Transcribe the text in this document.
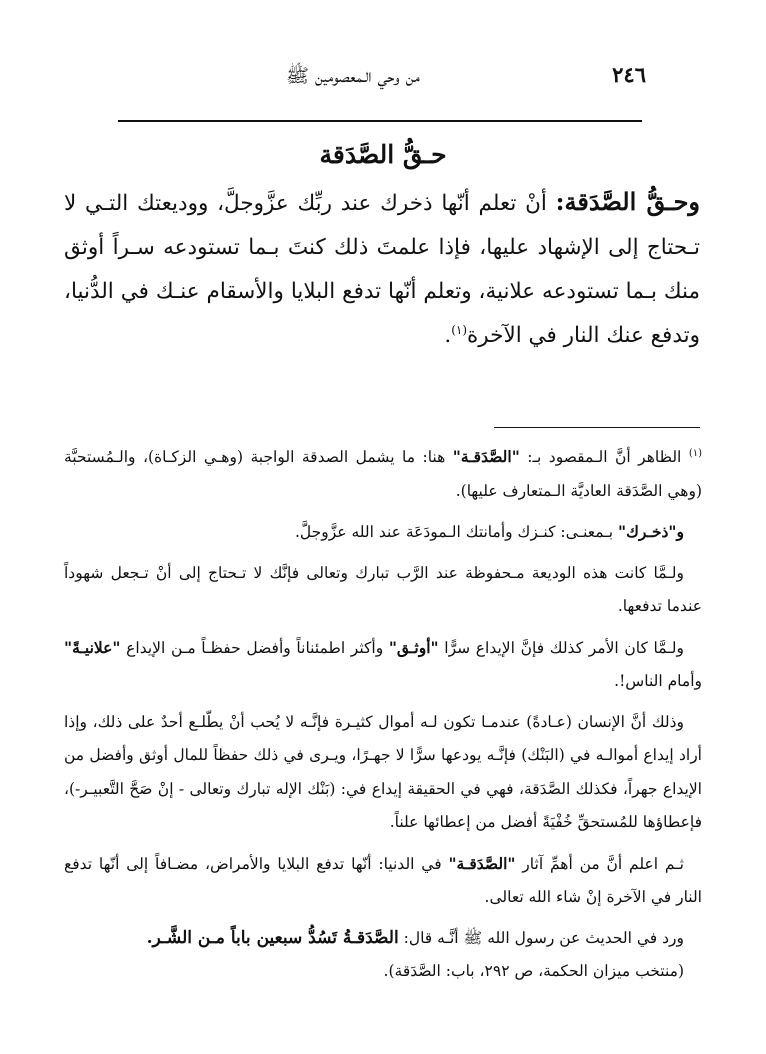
٢٤٦
من وحي الـمعصومين ﷺ
حـقُّ الصَّدَقة
وحـقُّ الصَّدَقة: أنْ تعلم أنّها ذخرك عند ربِّك عزَّوجلَّ، ووديعتك التـي لا تـحتاج إلى الإشهاد عليها، فإذا علمتَ ذلك كنتَ بـما تستودعه سـراً أوثق منك بـما تستودعه علانية، وتعلم أنّها تدفع البلايا والأسقام عنـك في الدُّنيا، وتدفع عنك النار في الآخرة$^{(١)}$.

$^{(١)}$ الظاهر أنَّ الـمقصود بـ: "الصَّدَقـة" هنا: ما يشمل الصدقة الواجبة (وهـي الزكـاة)، والـمُستحبَّة (وهي الصَّدَقة العاديَّة الـمتعارف عليها).

و"ذخـرك" بـمعنـى: كنـزك وأمانتك الـمودَعَة عند الله عزَّوجلَّ.

ولـمَّا كانت هذه الوديعة مـحفوظة عند الرَّب تبارك وتعالى فإنَّك لا تـحتاج إلى أنْ تـجعل شهوداً عندما تدفعها.

ولـمَّا كان الأمر كذلك فإنَّ الإيداع سرًّا "أوثـق" وأكثر اطمئناناً وأفضل حفظـاً مـن الإيداع "علانيـةً" وأمام الناس!.

وذلك أنَّ الإنسان (عـادةً) عندمـا تكون لـه أموال كثيـرة فإنَّـه لا يُحب أنْ يطّلـع أحدٌ على ذلك، وإذا أراد إيداع أموالـه في (البَنْك) فإنَّـه يودعها سرًّا لا جهـرًا، ويـرى في ذلك حفظاً للمال أوثق وأفضل من الإيداع جهراً، فكذلك الصَّدَقة، فهي في الحقيقة إيداع في: (بَنْك الإله تبارك وتعالى - إنْ صَحَّ التَّعبيـر-)، فإعطاؤها للمُستحقِّ خُفْيَةً أفضل من إعطائها علناً.

ثـم اعلم أنَّ من أهمِّ آثار "الصَّدَقـة" في الدنيا: أنّها تدفع البلايا والأمراض، مضـافاً إلى أنّها تدفع النار في الآخرة إنْ شاء الله تعالى.

ورد في الحديث عن رسول الله ﷺ أنَّـه قال: الصَّدَقـةُ تَسُدُّ سبعين باباً مـن الشَّـر.

(منتخب ميزان الحكمة، ص ٢٩٢، باب: الصَّدَقة).
